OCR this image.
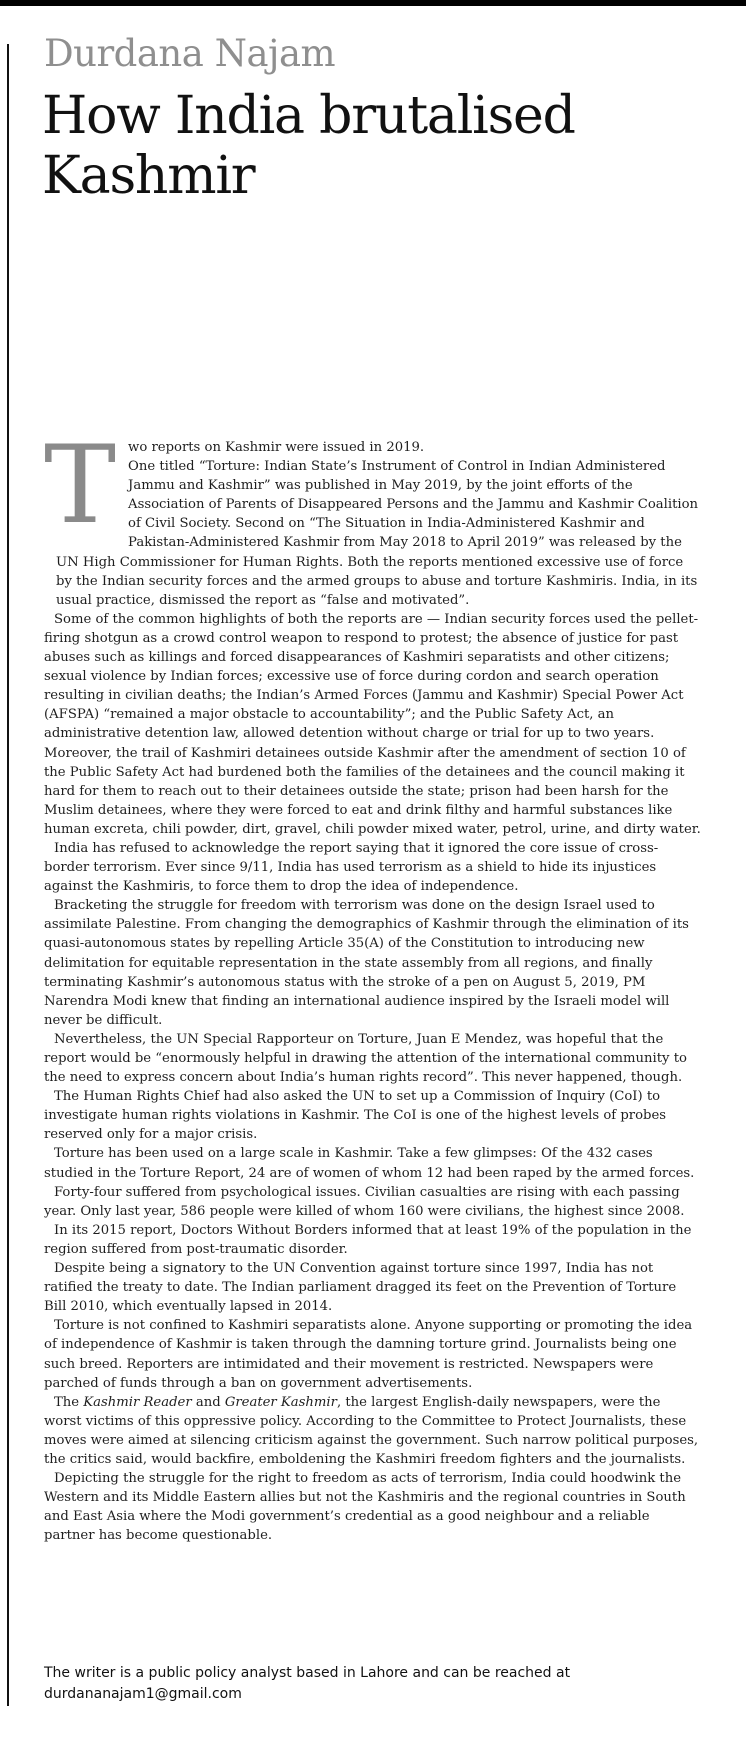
Durdana Najam
How India brutalised Kashmir

T wo reports on Kashmir were issued in 2019.
One titled “Torture: Indian State’s Instrument of Control in Indian Administered Jammu and Kashmir” was published in May 2019, by the joint efforts of the Association of Parents of Disappeared Persons and the Jammu and Kashmir Coalition of Civil Society. Second on “The Situation in India-Administered Kashmir and Pakistan-Administered Kashmir from May 2018 to April 2019” was released by the UN High Commissioner for Human Rights. Both the reports mentioned excessive use of force by the Indian security forces and the armed groups to abuse and torture Kashmiris. India, in its usual practice, dismissed the report as “false and motivated”.

Some of the common highlights of both the reports are — Indian security forces used the pellet-firing shotgun as a crowd control weapon to respond to protest; the absence of justice for past abuses such as killings and forced disappearances of Kashmiri separatists and other citizens; sexual violence by Indian forces; excessive use of force during cordon and search operation resulting in civilian deaths; the Indian’s Armed Forces (Jammu and Kashmir) Special Power Act (AFSPA) “remained a major obstacle to accountability”; and the Public Safety Act, an administrative detention law, allowed detention without charge or trial for up to two years. Moreover, the trail of Kashmiri detainees outside Kashmir after the amendment of section 10 of the Public Safety Act had burdened both the families of the detainees and the council making it hard for them to reach out to their detainees outside the state; prison had been harsh for the Muslim detainees, where they were forced to eat and drink filthy and harmful substances like human excreta, chili powder, dirt, gravel, chili powder mixed water, petrol, urine, and dirty water.

India has refused to acknowledge the report saying that it ignored the core issue of cross-border terrorism. Ever since 9/11, India has used terrorism as a shield to hide its injustices against the Kashmiris, to force them to drop the idea of independence.

Bracketing the struggle for freedom with terrorism was done on the design Israel used to assimilate Palestine. From changing the demographics of Kashmir through the elimination of its quasi-autonomous states by repelling Article 35(A) of the Constitution to introducing new delimitation for equitable representation in the state assembly from all regions, and finally terminating Kashmir’s autonomous status with the stroke of a pen on August 5, 2019, PM Narendra Modi knew that finding an international audience inspired by the Israeli model will never be difficult.

Nevertheless, the UN Special Rapporteur on Torture, Juan E Mendez, was hopeful that the report would be “enormously helpful in drawing the attention of the international community to the need to express concern about India’s human rights record”. This never happened, though.

The Human Rights Chief had also asked the UN to set up a Commission of Inquiry (CoI) to investigate human rights violations in Kashmir. The CoI is one of the highest levels of probes reserved only for a major crisis.

Torture has been used on a large scale in Kashmir. Take a few glimpses: Of the 432 cases studied in the Torture Report, 24 are of women of whom 12 had been raped by the armed forces.

Forty-four suffered from psychological issues. Civilian casualties are rising with each passing year. Only last year, 586 people were killed of whom 160 were civilians, the highest since 2008.

In its 2015 report, Doctors Without Borders informed that at least 19% of the population in the region suffered from post-traumatic disorder.

Despite being a signatory to the UN Convention against torture since 1997, India has not ratified the treaty to date. The Indian parliament dragged its feet on the Prevention of Torture Bill 2010, which eventually lapsed in 2014.

Torture is not confined to Kashmiri separatists alone. Anyone supporting or promoting the idea of independence of Kashmir is taken through the damning torture grind. Journalists being one such breed. Reporters are intimidated and their movement is restricted. Newspapers were parched of funds through a ban on government advertisements.

The Kashmir Reader and Greater Kashmir, the largest English-daily newspapers, were the worst victims of this oppressive policy. According to the Committee to Protect Journalists, these moves were aimed at silencing criticism against the government. Such narrow political purposes, the critics said, would backfire, emboldening the Kashmiri freedom fighters and the journalists.

Depicting the struggle for the right to freedom as acts of terrorism, India could hoodwink the Western and its Middle Eastern allies but not the Kashmiris and the regional countries in South and East Asia where the Modi government’s credential as a good neighbour and a reliable partner has become questionable.

The writer is a public policy analyst based in Lahore and can be reached at
durdananajam1@gmail.com
